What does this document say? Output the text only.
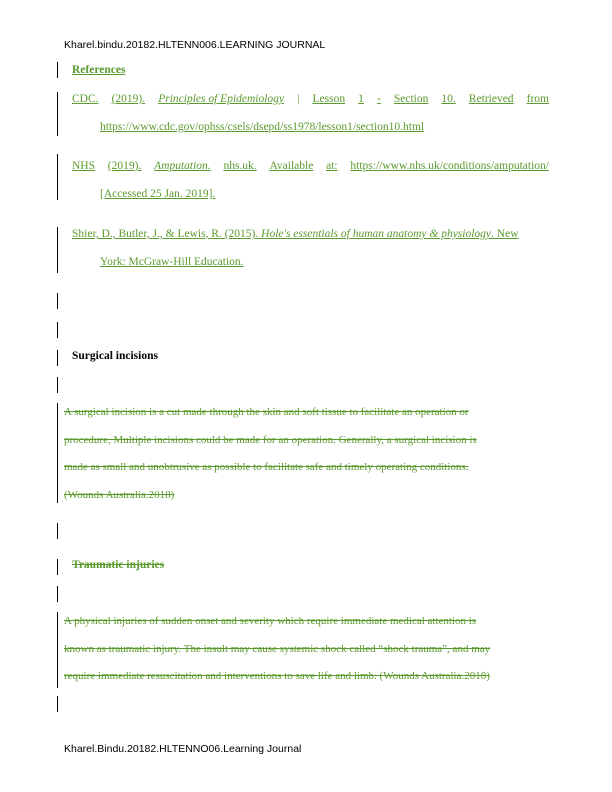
Kharel.bindu.20182.HLTENN006.LEARNING JOURNAL
References
CDC. (2019). Principles of Epidemiology | Lesson 1 - Section 10. Retrieved from
https://www.cdc.gov/ophss/csels/dsepd/ss1978/lesson1/section10.html
NHS (2019). Amputation. nhs.uk. Available at: https://www.nhs.uk/conditions/amputation/
[Accessed 25 Jan. 2019].
Shier, D., Butler, J., & Lewis, R. (2015).
Hole's essentials of human anatomy & physiology . New
York: McGraw-Hill Education.
Surgical incisions
A surgical incision is a cut made through the skin and soft tissue to facilitate an operation or
procedure, Multiple incisions could be made for an operation. Generally, a surgical incision is
made as small and unobtrusive as possible to facilitate safe and timely operating conditions.
(Wounds Australia.2018)
Traumatic injuries
A physical injuries of sudden onset and severity which require immediate medical attention is
known as traumatic injury. The insult may cause systemic shock called “shock trauma”, and may
require immediate resuscitation and interventions to save life and limb. (Wounds Australia.2018)
Kharel.Bindu.20182.HLTENNO06.Learning Journal
